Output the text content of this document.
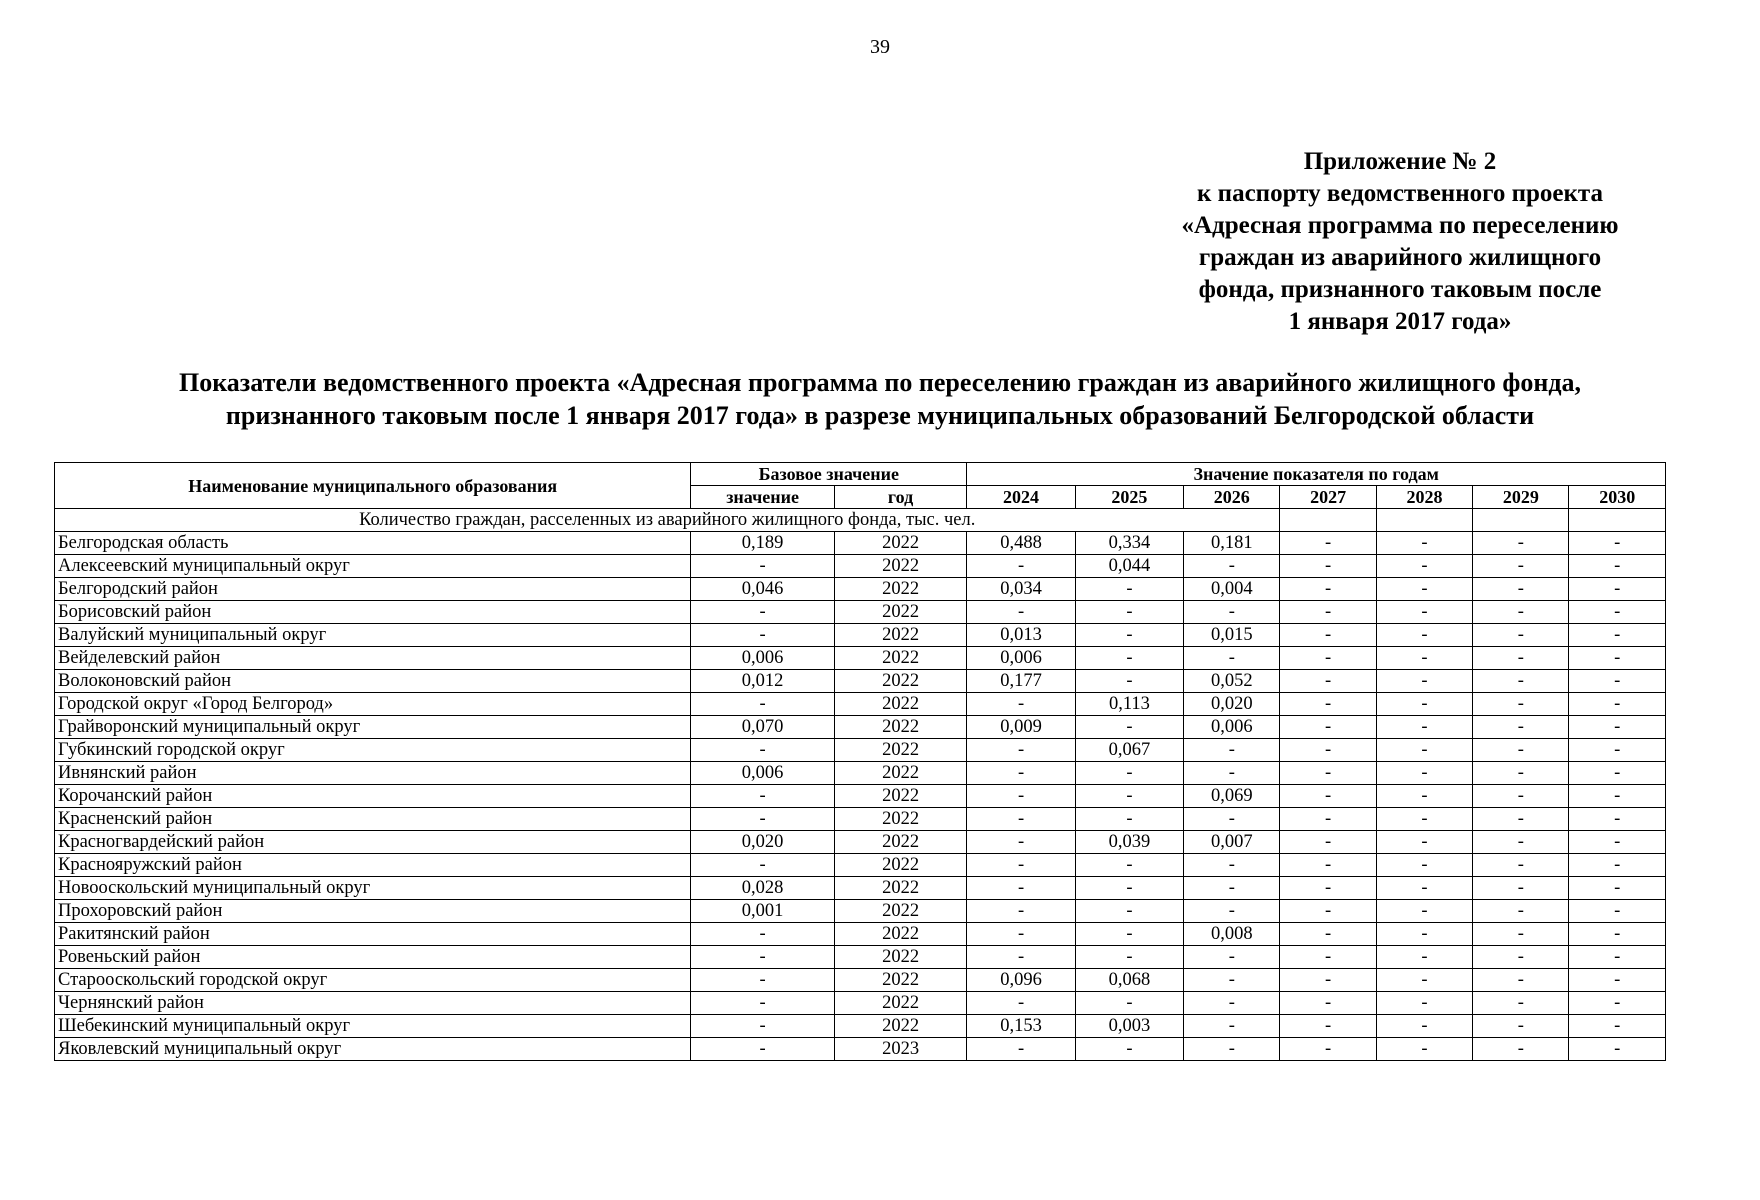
39
Приложение № 2
к паспорту ведомственного проекта
«Адресная программа по переселению
граждан из аварийного жилищного
фонда, признанного таковым после
1 января 2017 года»
Показатели ведомственного проекта «Адресная программа по переселению граждан из аварийного жилищного фонда,
признанного таковым после 1 января 2017 года» в разрезе муниципальных образований Белгородской области
Наименование муниципального образования	Базовое значение		Значение показателя по годам						
	значение	год	2024	2025	2026	2027	2028	2029	2030
Количество граждан, расселенных из аварийного жилищного фонда, тыс. чел.									
Белгородская область	0,189	2022	0,488	0,334	0,181	-	-	-	-
Алексеевский муниципальный округ	-	2022	-	0,044	-	-	-	-	-
Белгородский район	0,046	2022	0,034	-	0,004	-	-	-	-
Борисовский район	-	2022	-	-	-	-	-	-	-
Валуйский муниципальный округ	-	2022	0,013	-	0,015	-	-	-	-
Вейделевский район	0,006	2022	0,006	-	-	-	-	-	-
Волоконовский район	0,012	2022	0,177	-	0,052	-	-	-	-
Городской округ «Город Белгород»	-	2022	-	0,113	0,020	-	-	-	-
Грайворонский муниципальный округ	0,070	2022	0,009	-	0,006	-	-	-	-
Губкинский городской округ	-	2022	-	0,067	-	-	-	-	-
Ивнянский район	0,006	2022	-	-	-	-	-	-	-
Корочанский район	-	2022	-	-	0,069	-	-	-	-
Красненский район	-	2022	-	-	-	-	-	-	-
Красногвардейский район	0,020	2022	-	0,039	0,007	-	-	-	-
Краснояружский район	-	2022	-	-	-	-	-	-	-
Новооскольский муниципальный округ	0,028	2022	-	-	-	-	-	-	-
Прохоровский район	0,001	2022	-	-	-	-	-	-	-
Ракитянский район	-	2022	-	-	0,008	-	-	-	-
Ровеньский район	-	2022	-	-	-	-	-	-	-
Старооскольский городской округ	-	2022	0,096	0,068	-	-	-	-	-
Чернянский район	-	2022	-	-	-	-	-	-	-
Шебекинский муниципальный округ	-	2022	0,153	0,003	-	-	-	-	-
Яковлевский муниципальный округ	-	2023	-	-	-	-	-	-	-
